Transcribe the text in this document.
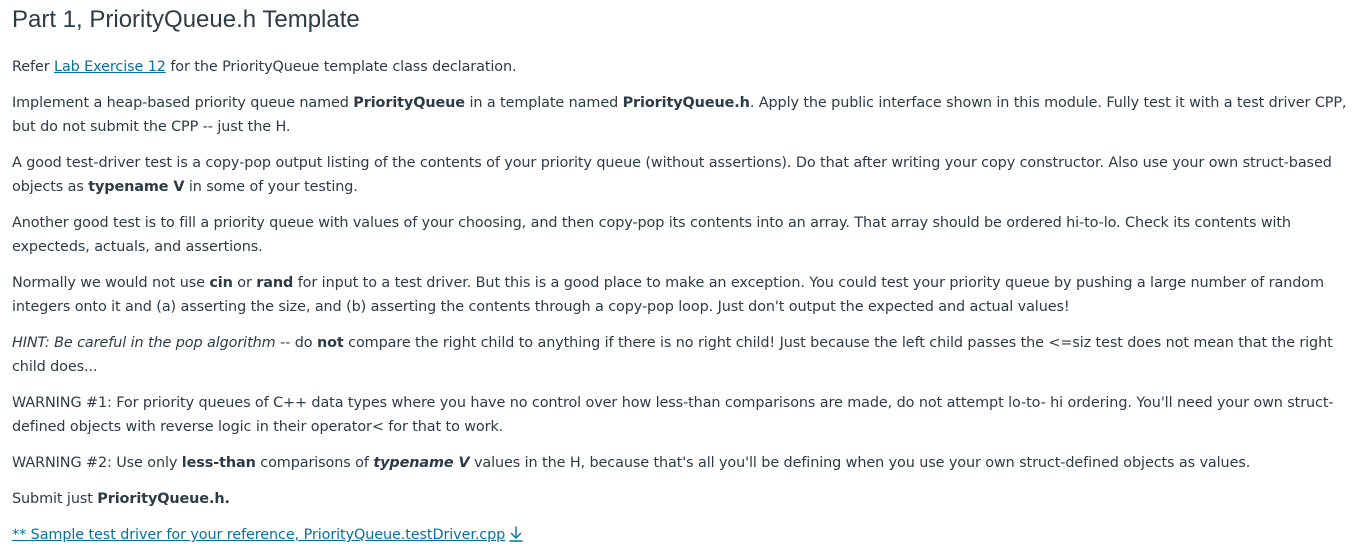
Part 1, PriorityQueue.h Template

Refer Lab Exercise 12 for the PriorityQueue template class declaration.

Implement a heap-based priority queue named PriorityQueue in a template named PriorityQueue.h. Apply the public interface shown in this module. Fully test it with a test driver CPP, but do not submit the CPP -- just the H.

A good test-driver test is a copy-pop output listing of the contents of your priority queue (without assertions). Do that after writing your copy constructor. Also use your own struct-based objects as typename V in some of your testing.

Another good test is to fill a priority queue with values of your choosing, and then copy-pop its contents into an array. That array should be ordered hi-to-lo. Check its contents with expecteds, actuals, and assertions.

Normally we would not use cin or rand for input to a test driver. But this is a good place to make an exception. You could test your priority queue by pushing a large number of random integers onto it and (a) asserting the size, and (b) asserting the contents through a copy-pop loop. Just don't output the expected and actual values!

HINT: Be careful in the pop algorithm -- do not compare the right child to anything if there is no right child! Just because the left child passes the <=siz test does not mean that the right child does...

WARNING #1: For priority queues of C++ data types where you have no control over how less-than comparisons are made, do not attempt lo-to- hi ordering. You'll need your own struct-defined objects with reverse logic in their operator< for that to work.

WARNING #2: Use only less-than comparisons of typename V values in the H, because that's all you'll be defining when you use your own struct-defined objects as values.

Submit just PriorityQueue.h.

** Sample test driver for your reference, PriorityQueue.testDriver.cpp
